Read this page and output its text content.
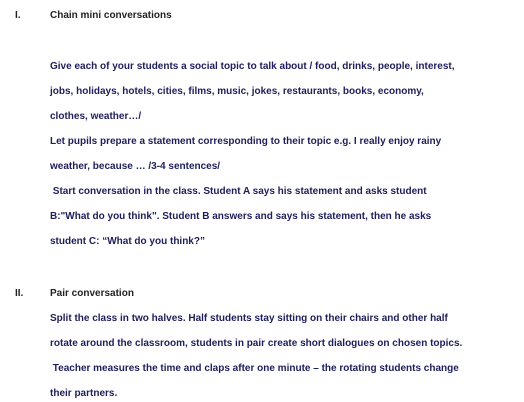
I.	Chain mini conversations
Give each of your students a social topic to talk about / food, drinks, people, interest,
jobs, holidays, hotels, cities, films, music, jokes, restaurants, books, economy,
clothes, weather…/
Let pupils prepare a statement corresponding to their topic e.g. I really enjoy rainy
weather, because … /3-4 sentences/
Start conversation in the class. Student A says his statement and asks student
B:"What do you think". Student B answers and says his statement, then he asks
student C: “What do you think?”
II.	Pair conversation
Split the class in two halves. Half students stay sitting on their chairs and other half
rotate around the classroom, students in pair create short dialogues on chosen topics.
Teacher measures the time and claps after one minute – the rotating students change
their partners.
